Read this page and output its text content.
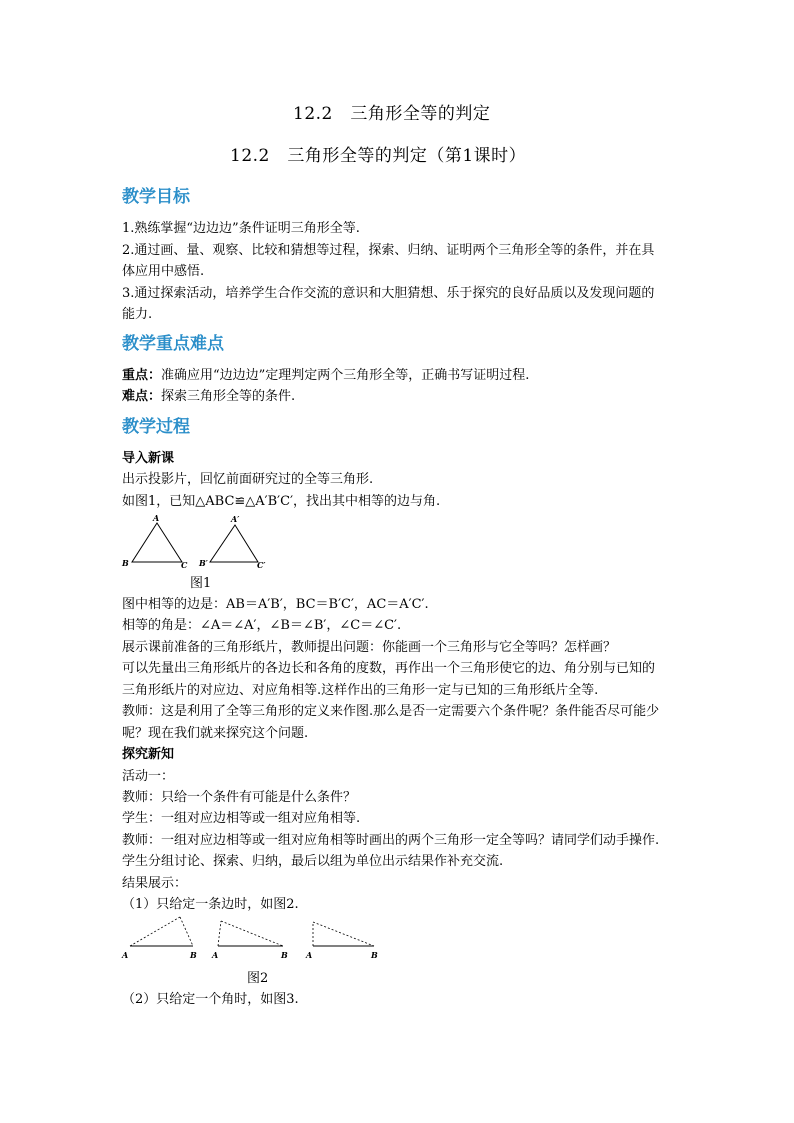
12.2　三角形全等的判定
12.2　三角形全等的判定（第1课时）
教学目标
1.熟练掌握“边边边”条件证明三角形全等.
2.通过画、量、观察、比较和猜想等过程，探索、归纳、证明两个三角形全等的条件，并在具
体应用中感悟.
3.通过探索活动，培养学生合作交流的意识和大胆猜想、乐于探究的良好品质以及发现问题的
能力.
教学重点难点
重点：准确应用“边边边”定理判定两个三角形全等，正确书写证明过程.
难点：探索三角形全等的条件.
教学过程
导入新课
出示投影片，回忆前面研究过的全等三角形.
如图1，已知△ABC≌△A′B′C′，找出其中相等的边与角.
A
B	C
A′
B′	C′
图1
图中相等的边是：AB＝A′B′，BC＝B′C′，AC＝A′C′.
相等的角是：∠A＝∠A′，∠B＝∠B′，∠C＝∠C′.
展示课前准备的三角形纸片，教师提出问题：你能画一个三角形与它全等吗？怎样画？
可以先量出三角形纸片的各边长和各角的度数，再作出一个三角形使它的边、角分别与已知的
三角形纸片的对应边、对应角相等.这样作出的三角形一定与已知的三角形纸片全等.
教师：这是利用了全等三角形的定义来作图.那么是否一定需要六个条件呢？条件能否尽可能少
呢？现在我们就来探究这个问题.
探究新知
活动一：
教师：只给一个条件有可能是什么条件？
学生：一组对应边相等或一组对应角相等.
教师：一组对应边相等或一组对应角相等时画出的两个三角形一定全等吗？请同学们动手操作.
学生分组讨论、探索、归纳，最后以组为单位出示结果作补充交流.
结果展示：
（1）只给定一条边时，如图2.
A	B A	B A	B
图2
（2）只给定一个角时，如图3.
